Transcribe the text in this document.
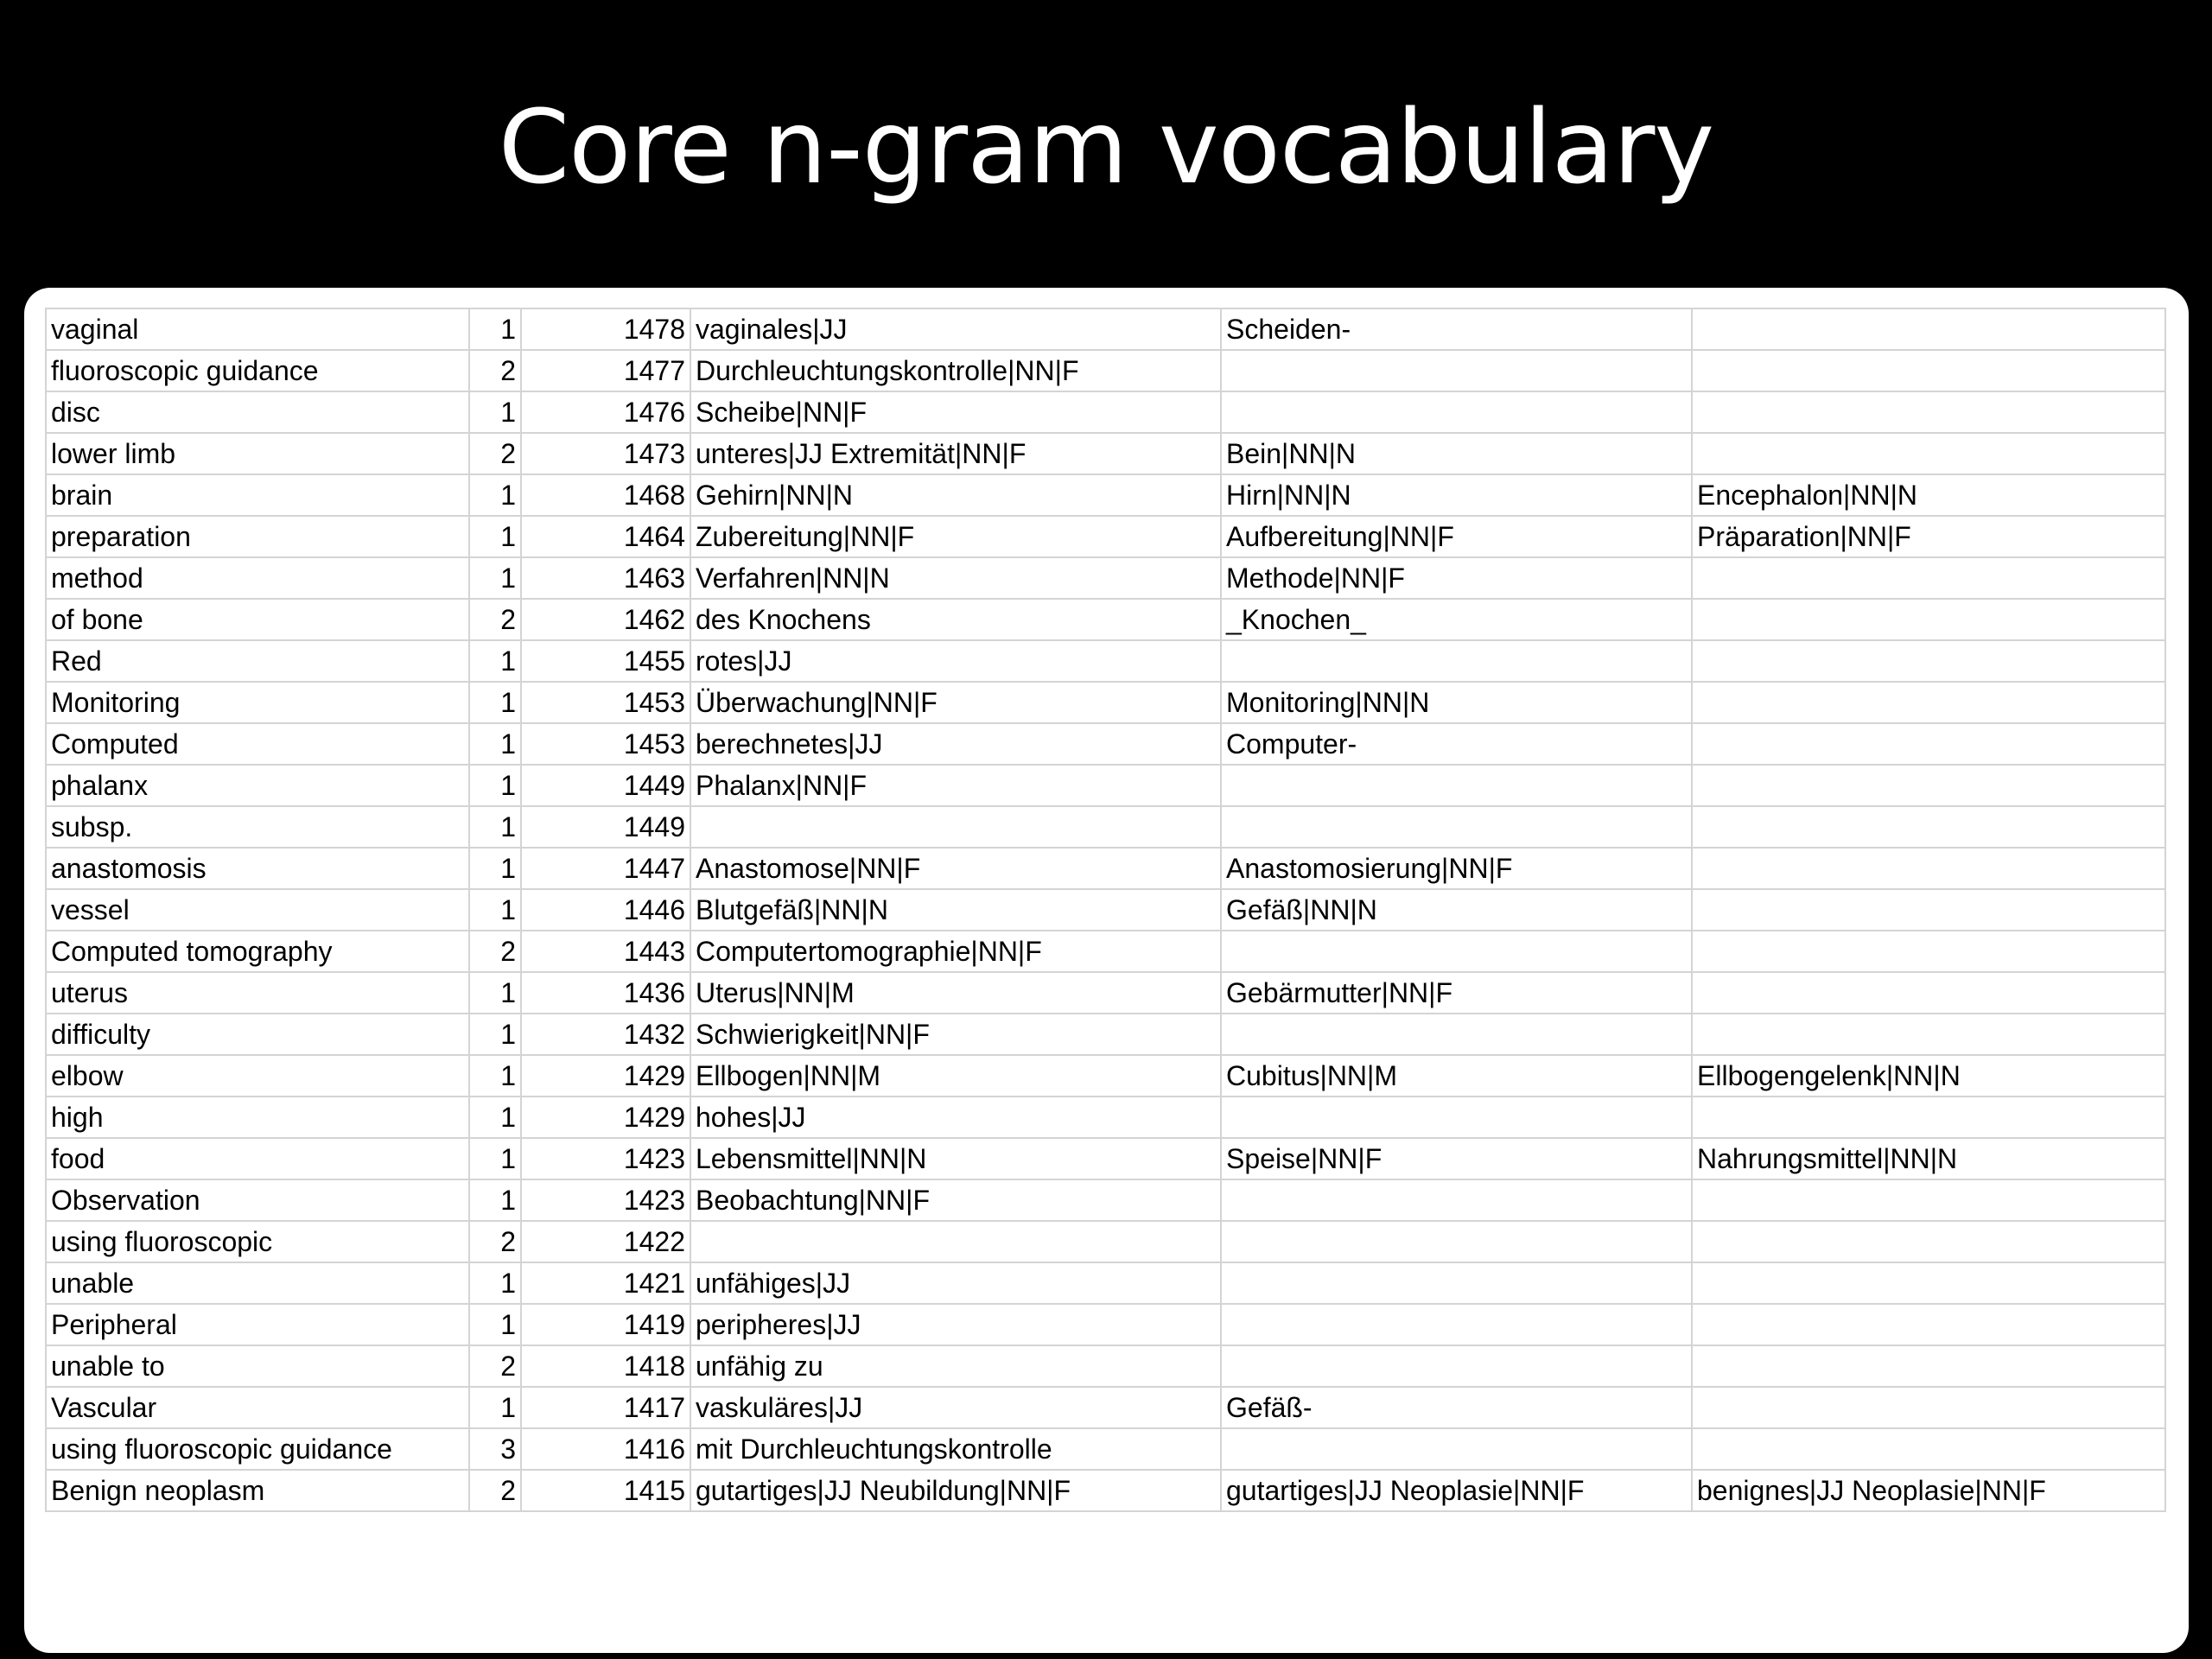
Core n-gram vocabulary
vaginal	1	1478	vaginales|JJ	Scheiden-	
fluoroscopic guidance	2	1477	Durchleuchtungskontrolle|NN|F		
disc	1	1476	Scheibe|NN|F		
lower limb	2	1473	unteres|JJ Extremität|NN|F	Bein|NN|N	
brain	1	1468	Gehirn|NN|N	Hirn|NN|N	Encephalon|NN|N
preparation	1	1464	Zubereitung|NN|F	Aufbereitung|NN|F	Präparation|NN|F
method	1	1463	Verfahren|NN|N	Methode|NN|F	
of bone	2	1462	des Knochens	_Knochen_	
Red	1	1455	rotes|JJ		
Monitoring	1	1453	Überwachung|NN|F	Monitoring|NN|N	
Computed	1	1453	berechnetes|JJ	Computer-	
phalanx	1	1449	Phalanx|NN|F		
subsp.	1	1449			
anastomosis	1	1447	Anastomose|NN|F	Anastomosierung|NN|F	
vessel	1	1446	Blutgefäß|NN|N	Gefäß|NN|N	
Computed tomography	2	1443	Computertomographie|NN|F		
uterus	1	1436	Uterus|NN|M	Gebärmutter|NN|F	
difficulty	1	1432	Schwierigkeit|NN|F		
elbow	1	1429	Ellbogen|NN|M	Cubitus|NN|M	Ellbogengelenk|NN|N
high	1	1429	hohes|JJ		
food	1	1423	Lebensmittel|NN|N	Speise|NN|F	Nahrungsmittel|NN|N
Observation	1	1423	Beobachtung|NN|F		
using fluoroscopic	2	1422			
unable	1	1421	unfähiges|JJ		
Peripheral	1	1419	peripheres|JJ		
unable to	2	1418	unfähig zu		
Vascular	1	1417	vaskuläres|JJ	Gefäß-	
using fluoroscopic guidance	3	1416	mit Durchleuchtungskontrolle		
Benign neoplasm	2	1415	gutartiges|JJ Neubildung|NN|F	gutartiges|JJ Neoplasie|NN|F	benignes|JJ Neoplasie|NN|F
